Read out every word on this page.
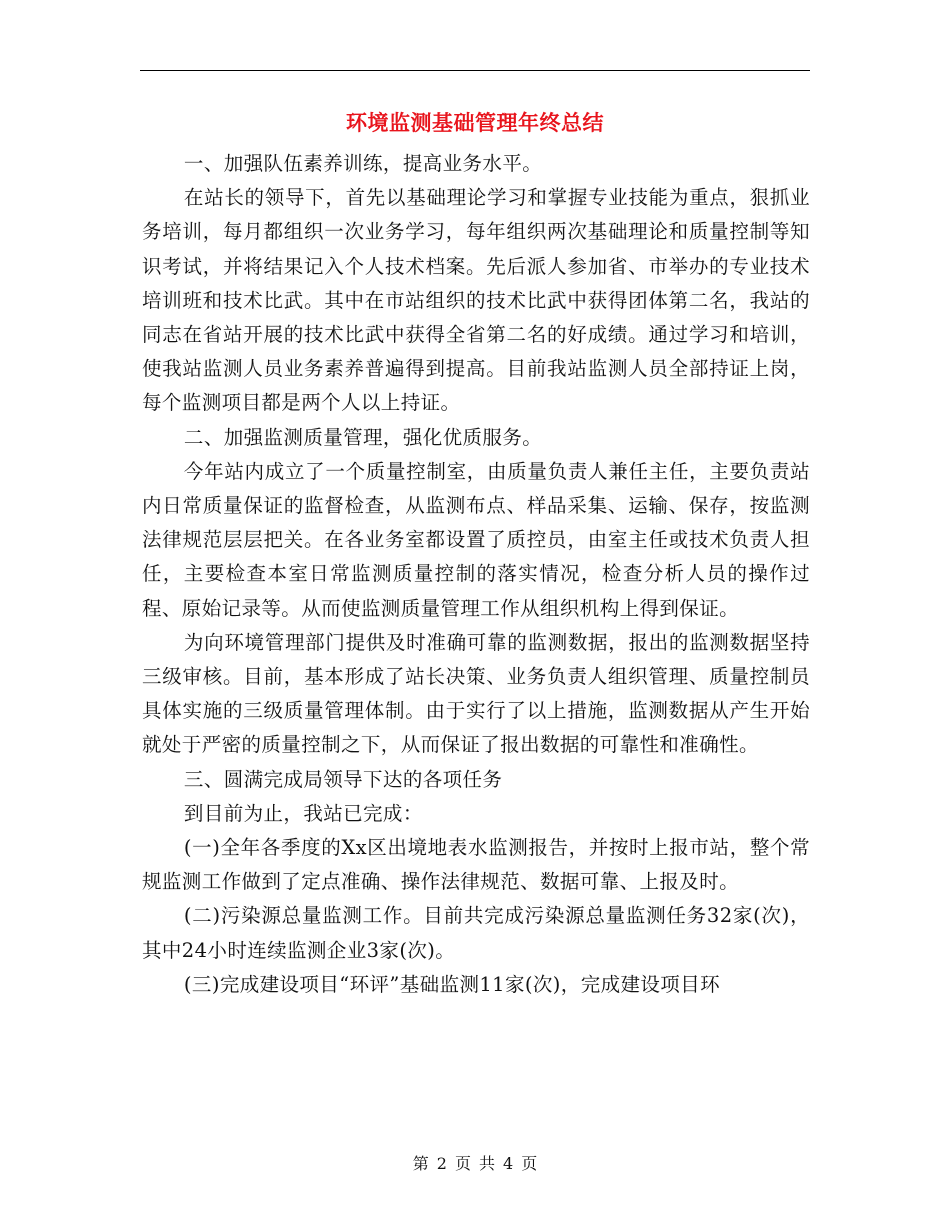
环境监测基础管理年终总结

一、加强队伍素养训练，提高业务水平。

在站长的领导下，首先以基础理论学习和掌握专业技能为重点，狠抓业务培训，每月都组织一次业务学习，每年组织两次基础理论和质量控制等知识考试，并将结果记入个人技术档案。先后派人参加省、市举办的专业技术培训班和技术比武。其中在市站组织的技术比武中获得团体第二名，我站的 同志在省站开展的技术比武中获得全省第二名的好成绩。通过学习和培训，使我站监测人员业务素养普遍得到提高。目前我站监测人员全部持证上岗，每个监测项目都是两个人以上持证。

二、加强监测质量管理，强化优质服务。

今年站内成立了一个质量控制室，由质量负责人兼任主任，主要负责站内日常质量保证的监督检查，从监测布点、样品采集、运输、保存，按监测法律规范层层把关。在各业务室都设置了质控员，由室主任或技术负责人担任，主要检查本室日常监测质量控制的落实情况，检查分析人员的操作过程、原始记录等。从而使监测质量管理工作从组织机构上得到保证。

为向环境管理部门提供及时准确可靠的监测数据，报出的监测数据坚持三级审核。目前，基本形成了站长决策、业务负责人组织管理、质量控制员具体实施的三级质量管理体制。由于实行了以上措施，监测数据从产生开始就处于严密的质量控制之下，从而保证了报出数据的可靠性和准确性。

三、圆满完成局领导下达的各项任务

到目前为止，我站已完成：

(一)全年各季度的Xx区出境地表水监测报告，并按时上报市站，整个常规监测工作做到了定点准确、操作法律规范、数据可靠、上报及时。

(二)污染源总量监测工作。目前共完成污染源总量监测任务32家(次)，其中24小时连续监测企业3家(次)。

(三)完成建设项目“环评”基础监测11家(次)，完成建设项目环

第 2 页 共 4 页
